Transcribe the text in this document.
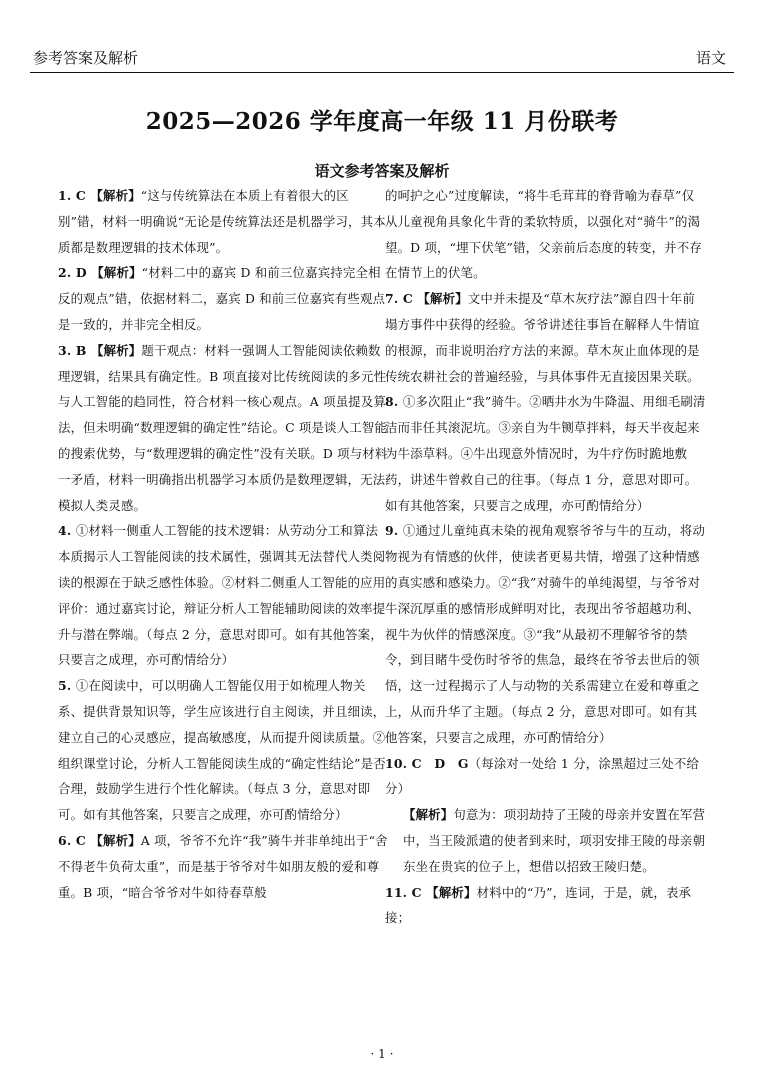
参考答案及解析	语文
2025—2026 学年度高一年级 11 月份联考
语文参考答案及解析
1. C 【解析】“这与传统算法在本质上有着很大的区别”错，材料一明确说“无论是传统算法还是机器学习，其本质都是数理逻辑的技术体现”。
2. D 【解析】“材料二中的嘉宾 D 和前三位嘉宾持完全相反的观点”错，依据材料二，嘉宾 D 和前三位嘉宾有些观点是一致的，并非完全相反。
3. B 【解析】题干观点：材料一强调人工智能阅读依赖数理逻辑，结果具有确定性。B 项直接对比传统阅读的多元性与人工智能的趋同性，符合材料一核心观点。A 项虽提及算法，但未明确“数理逻辑的确定性”结论。C 项是谈人工智能的搜索优势，与“数理逻辑的确定性”没有关联。D 项与材料一矛盾，材料一明确指出机器学习本质仍是数理逻辑，无法模拟人类灵感。
4. ①材料一侧重人工智能的技术逻辑：从劳动分工和算法本质揭示人工智能阅读的技术属性，强调其无法替代人类阅读的根源在于缺乏感性体验。②材料二侧重人工智能的应用评价：通过嘉宾讨论，辩证分析人工智能辅助阅读的效率提升与潜在弊端。（每点 2 分，意思对即可。如有其他答案，只要言之成理，亦可酌情给分）
5. ①在阅读中，可以明确人工智能仅用于如梳理人物关系、提供背景知识等，学生应该进行自主阅读，并且细读，建立自己的心灵感应，提高敏感度，从而提升阅读质量。②组织课堂讨论，分析人工智能阅读生成的“确定性结论”是否合理，鼓励学生进行个性化解读。（每点 3 分，意思对即可。如有其他答案，只要言之成理，亦可酌情给分）
6. C 【解析】A 项，爷爷不允许“我”骑牛并非单纯出于“舍不得老牛负荷太重”，而是基于爷爷对牛如朋友般的爱和尊重。B 项，“暗合爷爷对牛如待春草般
的呵护之心”过度解读，“将牛毛茸茸的脊背喻为春草”仅从儿童视角具象化牛背的柔软特质，以强化对“骑牛”的渴望。D 项，“埋下伏笔”错，父亲前后态度的转变，并不存在情节上的伏笔。
7. C 【解析】文中并未提及“草木灰疗法”源自四十年前塌方事件中获得的经验。爷爷讲述往事旨在解释人牛情谊的根源，而非说明治疗方法的来源。草木灰止血体现的是传统农耕社会的普遍经验，与具体事件无直接因果关联。
8. ①多次阻止“我”骑牛。②晒井水为牛降温、用细毛刷清洁而非任其滚泥坑。③亲自为牛铡草拌料，每天半夜起来为牛添草料。④牛出现意外情况时，为牛疗伤时跪地敷药，讲述牛曾救自己的往事。（每点 1 分，意思对即可。如有其他答案，只要言之成理，亦可酌情给分）
9. ①通过儿童纯真未染的视角观察爷爷与牛的互动，将动物视为有情感的伙伴，使读者更易共情，增强了这种情感的真实感和感染力。②“我”对骑牛的单纯渴望，与爷爷对牛深沉厚重的感情形成鲜明对比，表现出爷爷超越功利、视牛为伙伴的情感深度。③“我”从最初不理解爷爷的禁令，到目睹牛受伤时爷爷的焦急，最终在爷爷去世后的领悟，这一过程揭示了人与动物的关系需建立在爱和尊重之上，从而升华了主题。（每点 2 分，意思对即可。如有其他答案，只要言之成理，亦可酌情给分）
10. C　D　G（每涂对一处给 1 分，涂黑超过三处不给分）
【解析】句意为：项羽劫持了王陵的母亲并安置在军营中，当王陵派遣的使者到来时，项羽安排王陵的母亲朝东坐在贵宾的位子上，想借以招致王陵归楚。
11. C 【解析】材料中的“乃”，连词，于是，就，表承接；
· 1 ·
